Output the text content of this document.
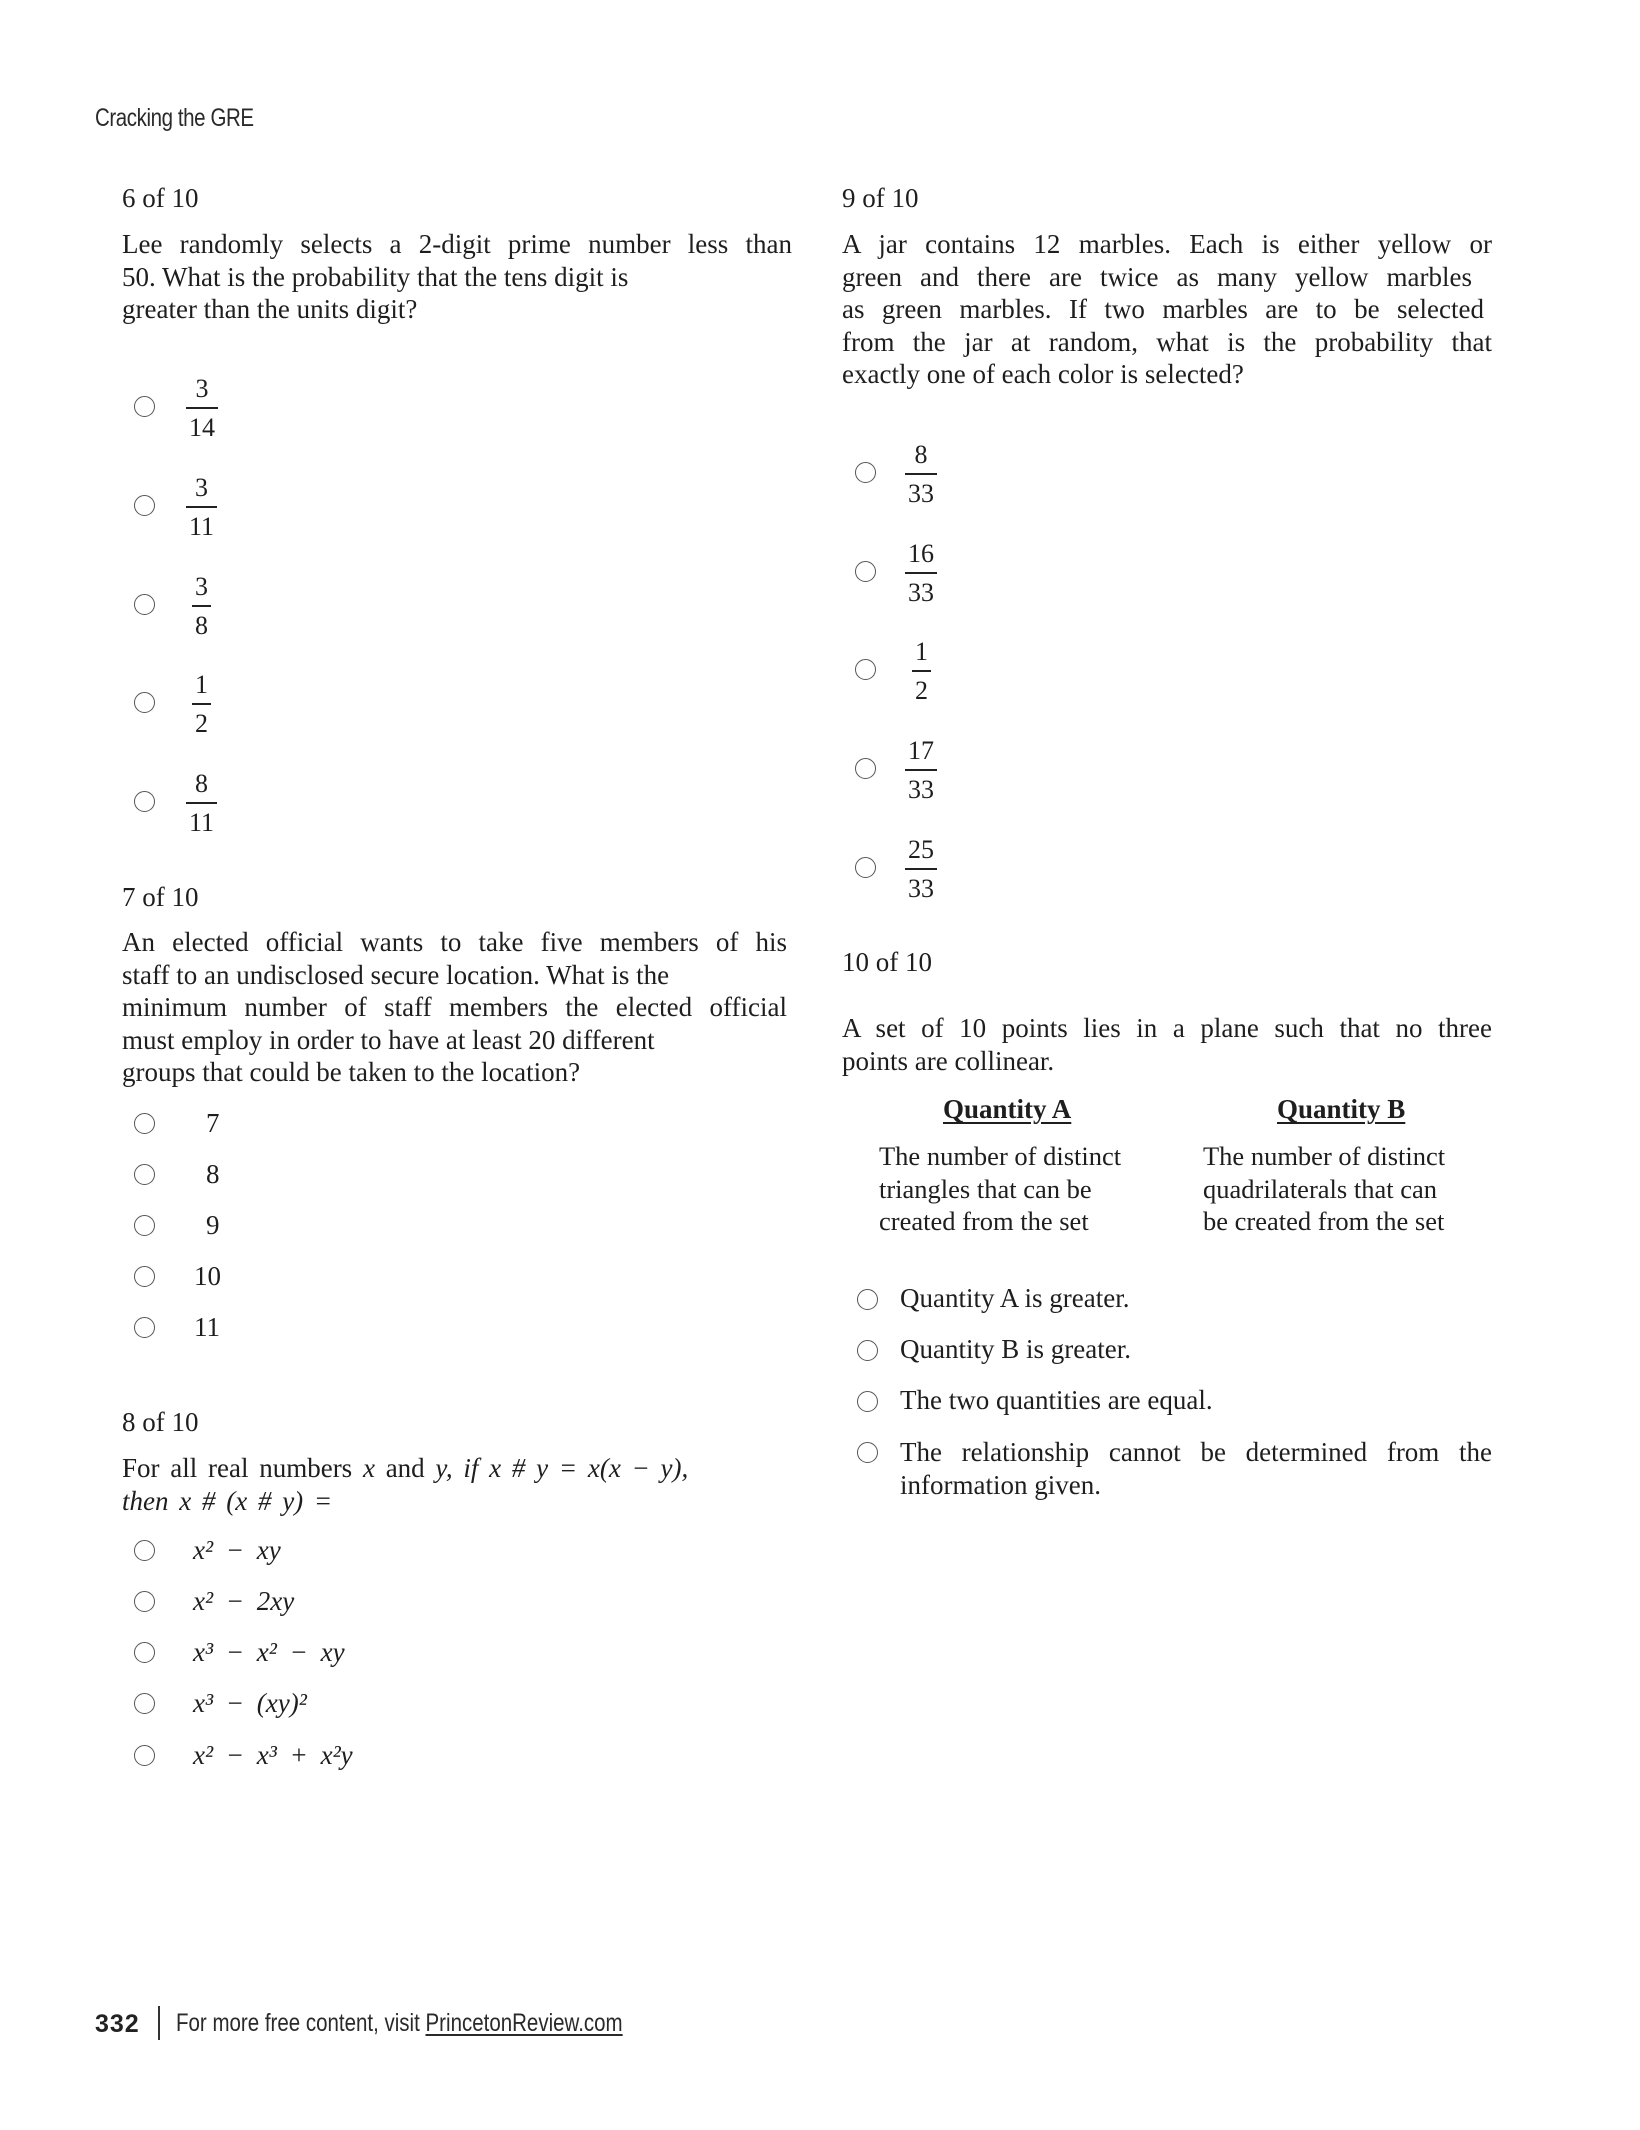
Cracking the GRE
6 of 10
Lee randomly selects a 2-digit prime number less than
50. What is the probability that the tens digit is
greater than the units digit?
3
14
3
11
3
8
1
2
8
11
7 of 10
An elected official wants to take five members of his
staff to an undisclosed secure location. What is the
minimum number of staff members the elected official
must employ in order to have at least 20 different
groups that could be taken to the location?
7
8
9
10
11
8 of 10
For all real numbers x and y, if x # y = x(x − y),
then x # (x # y) =
x² − xy
x² − 2xy
x³ − x² − xy
x³ − (xy)²
x² − x³ + x²y
9 of 10
A jar contains 12 marbles. Each is either yellow or
green and there are twice as many yellow marbles
as green marbles. If two marbles are to be selected
from the jar at random, what is the probability that
exactly one of each color is selected?
8
33
16
33
1
2
17
33
25
33
10 of 10
A set of 10 points lies in a plane such that no three
points are collinear.
Quantity A	Quantity B
The number of distinct
triangles that can be
created from the set
The number of distinct
quadrilaterals that can
be created from the set
Quantity A is greater.
Quantity B is greater.
The two quantities are equal.
The relationship cannot be determined from the
information given.
332 For more free content, visit PrincetonReview.com
